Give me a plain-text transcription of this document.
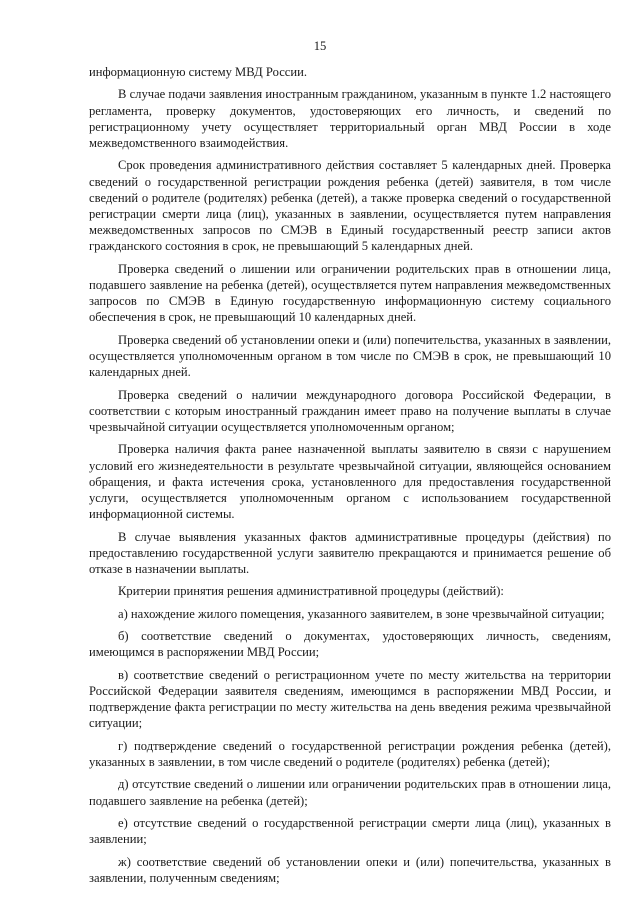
15

информационную систему МВД России.

В случае подачи заявления иностранным гражданином, указанным в пункте 1.2 настоящего регламента, проверку документов, удостоверяющих его личность, и сведений по регистрационному учету осуществляет территориальный орган МВД России в ходе межведомственного взаимодействия.

Срок проведения административного действия составляет 5 календарных дней. Проверка сведений о государственной регистрации рождения ребенка (детей) заявителя, в том числе сведений о родителе (родителях) ребенка (детей), а также проверка сведений о государственной регистрации смерти лица (лиц), указанных в заявлении, осуществляется путем направления межведомственных запросов по СМЭВ в Единый государственный реестр записи актов гражданского состояния в срок, не превышающий 5 календарных дней.

Проверка сведений о лишении или ограничении родительских прав в отношении лица, подавшего заявление на ребенка (детей), осуществляется путем направления межведомственных запросов по СМЭВ в Единую государственную информационную систему социального обеспечения в срок, не превышающий 10 календарных дней.

Проверка сведений об установлении опеки и (или) попечительства, указанных в заявлении, осуществляется уполномоченным органом в том числе по СМЭВ в срок, не превышающий 10 календарных дней.

Проверка сведений о наличии международного договора Российской Федерации, в соответствии с которым иностранный гражданин имеет право на получение выплаты в случае чрезвычайной ситуации осуществляется уполномоченным органом;

Проверка наличия факта ранее назначенной выплаты заявителю в связи с нарушением условий его жизнедеятельности в результате чрезвычайной ситуации, являющейся основанием обращения, и факта истечения срока, установленного для предоставления государственной услуги, осуществляется уполномоченным органом с использованием государственной информационной системы.

В случае выявления указанных фактов административные процедуры (действия) по предоставлению государственной услуги заявителю прекращаются и принимается решение об отказе в назначении выплаты.

Критерии принятия решения административной процедуры (действий):

а) нахождение жилого помещения, указанного заявителем, в зоне чрезвычайной ситуации;

б) соответствие сведений о документах, удостоверяющих личность, сведениям, имеющимся в распоряжении МВД России;

в) соответствие сведений о регистрационном учете по месту жительства на территории Российской Федерации заявителя сведениям, имеющимся в распоряжении МВД России, и подтверждение факта регистрации по месту жительства на день введения режима чрезвычайной ситуации;

г) подтверждение сведений о государственной регистрации рождения ребенка (детей), указанных в заявлении, в том числе сведений о родителе (родителях) ребенка (детей);

д) отсутствие сведений о лишении или ограничении родительских прав в отношении лица, подавшего заявление на ребенка (детей);

е) отсутствие сведений о государственной регистрации смерти лица (лиц), указанных в заявлении;

ж) соответствие сведений об установлении опеки и (или) попечительства, указанных в заявлении, полученным сведениям;
